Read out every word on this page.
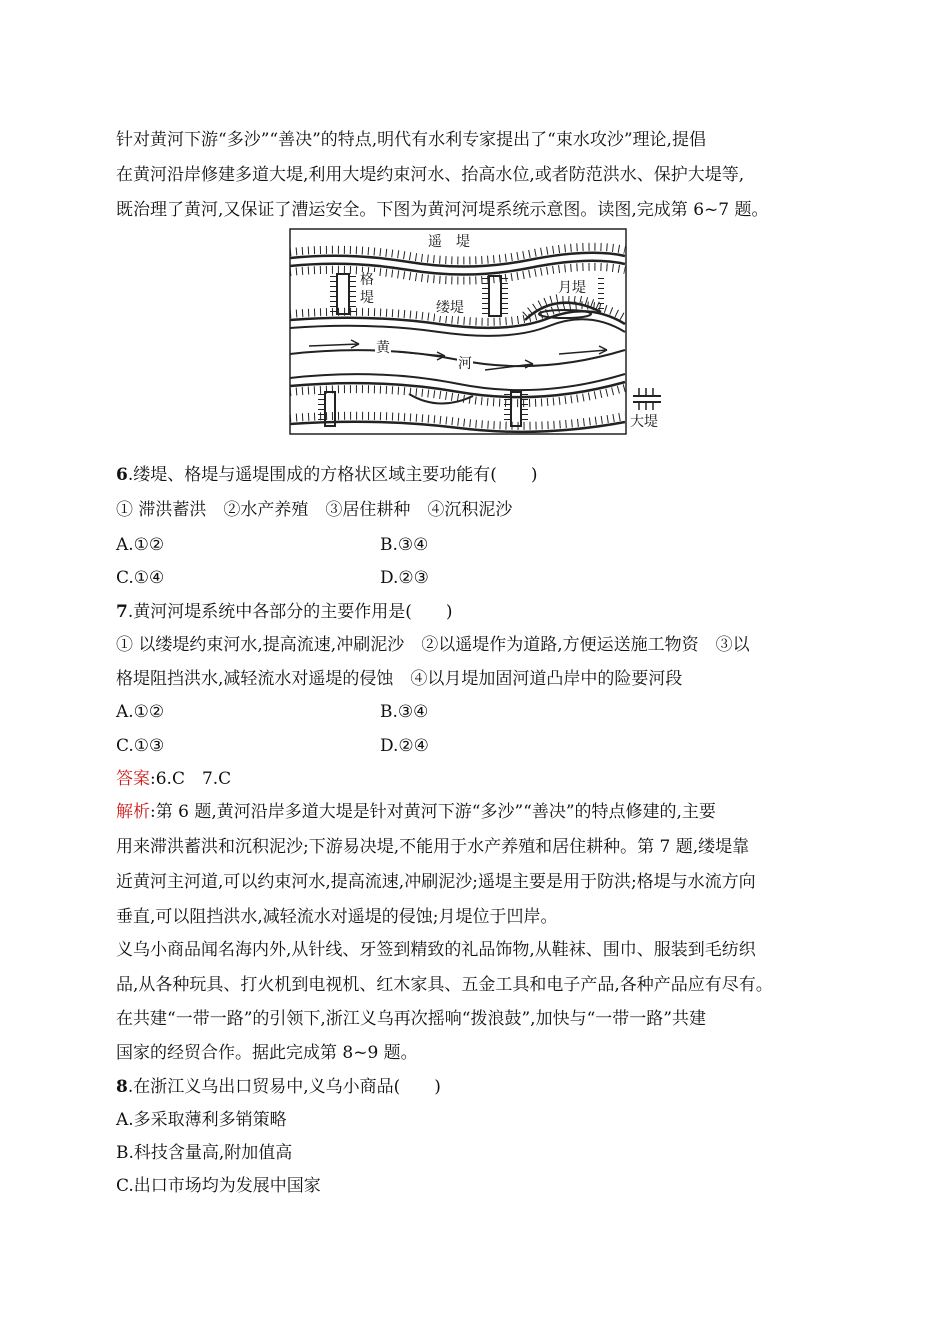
针对黄河下游“多沙”“善决”的特点,明代有水利专家提出了“束水攻沙”理论,提倡
在黄河沿岸修建多道大堤,利用大堤约束河水、抬高水位,或者防范洪水、保护大堤等,
既治理了黄河,又保证了漕运安全。下图为黄河河堤系统示意图。读图,完成第 6~7 题。
遥　堤
格
堤
缕堤
月堤
黄
河
大堤
6.缕堤、格堤与遥堤围成的方格状区域主要功能有(　　)
① 滞洪蓄洪　②水产养殖　③居住耕种　④沉积泥沙
A.①②	B.③④
C.①④	D.②③
7.黄河河堤系统中各部分的主要作用是(　　)
① 以缕堤约束河水,提高流速,冲刷泥沙　②以遥堤作为道路,方便运送施工物资　③以
格堤阻挡洪水,减轻流水对遥堤的侵蚀　④以月堤加固河道凸岸中的险要河段
A.①②	B.③④
C.①③	D.②④
答案:6.C　7.C
解析:第 6 题,黄河沿岸多道大堤是针对黄河下游“多沙”“善决”的特点修建的,主要
用来滞洪蓄洪和沉积泥沙;下游易决堤,不能用于水产养殖和居住耕种。第 7 题,缕堤靠
近黄河主河道,可以约束河水,提高流速,冲刷泥沙;遥堤主要是用于防洪;格堤与水流方向
垂直,可以阻挡洪水,减轻流水对遥堤的侵蚀;月堤位于凹岸。
义乌小商品闻名海内外,从针线、牙签到精致的礼品饰物,从鞋袜、围巾、服装到毛纺织
品,从各种玩具、打火机到电视机、红木家具、五金工具和电子产品,各种产品应有尽有。
在共建“一带一路”的引领下,浙江义乌再次摇响“拨浪鼓”,加快与“一带一路”共建
国家的经贸合作。据此完成第 8~9 题。
8.在浙江义乌出口贸易中,义乌小商品(　　)
A.多采取薄利多销策略
B.科技含量高,附加值高
C.出口市场均为发展中国家
